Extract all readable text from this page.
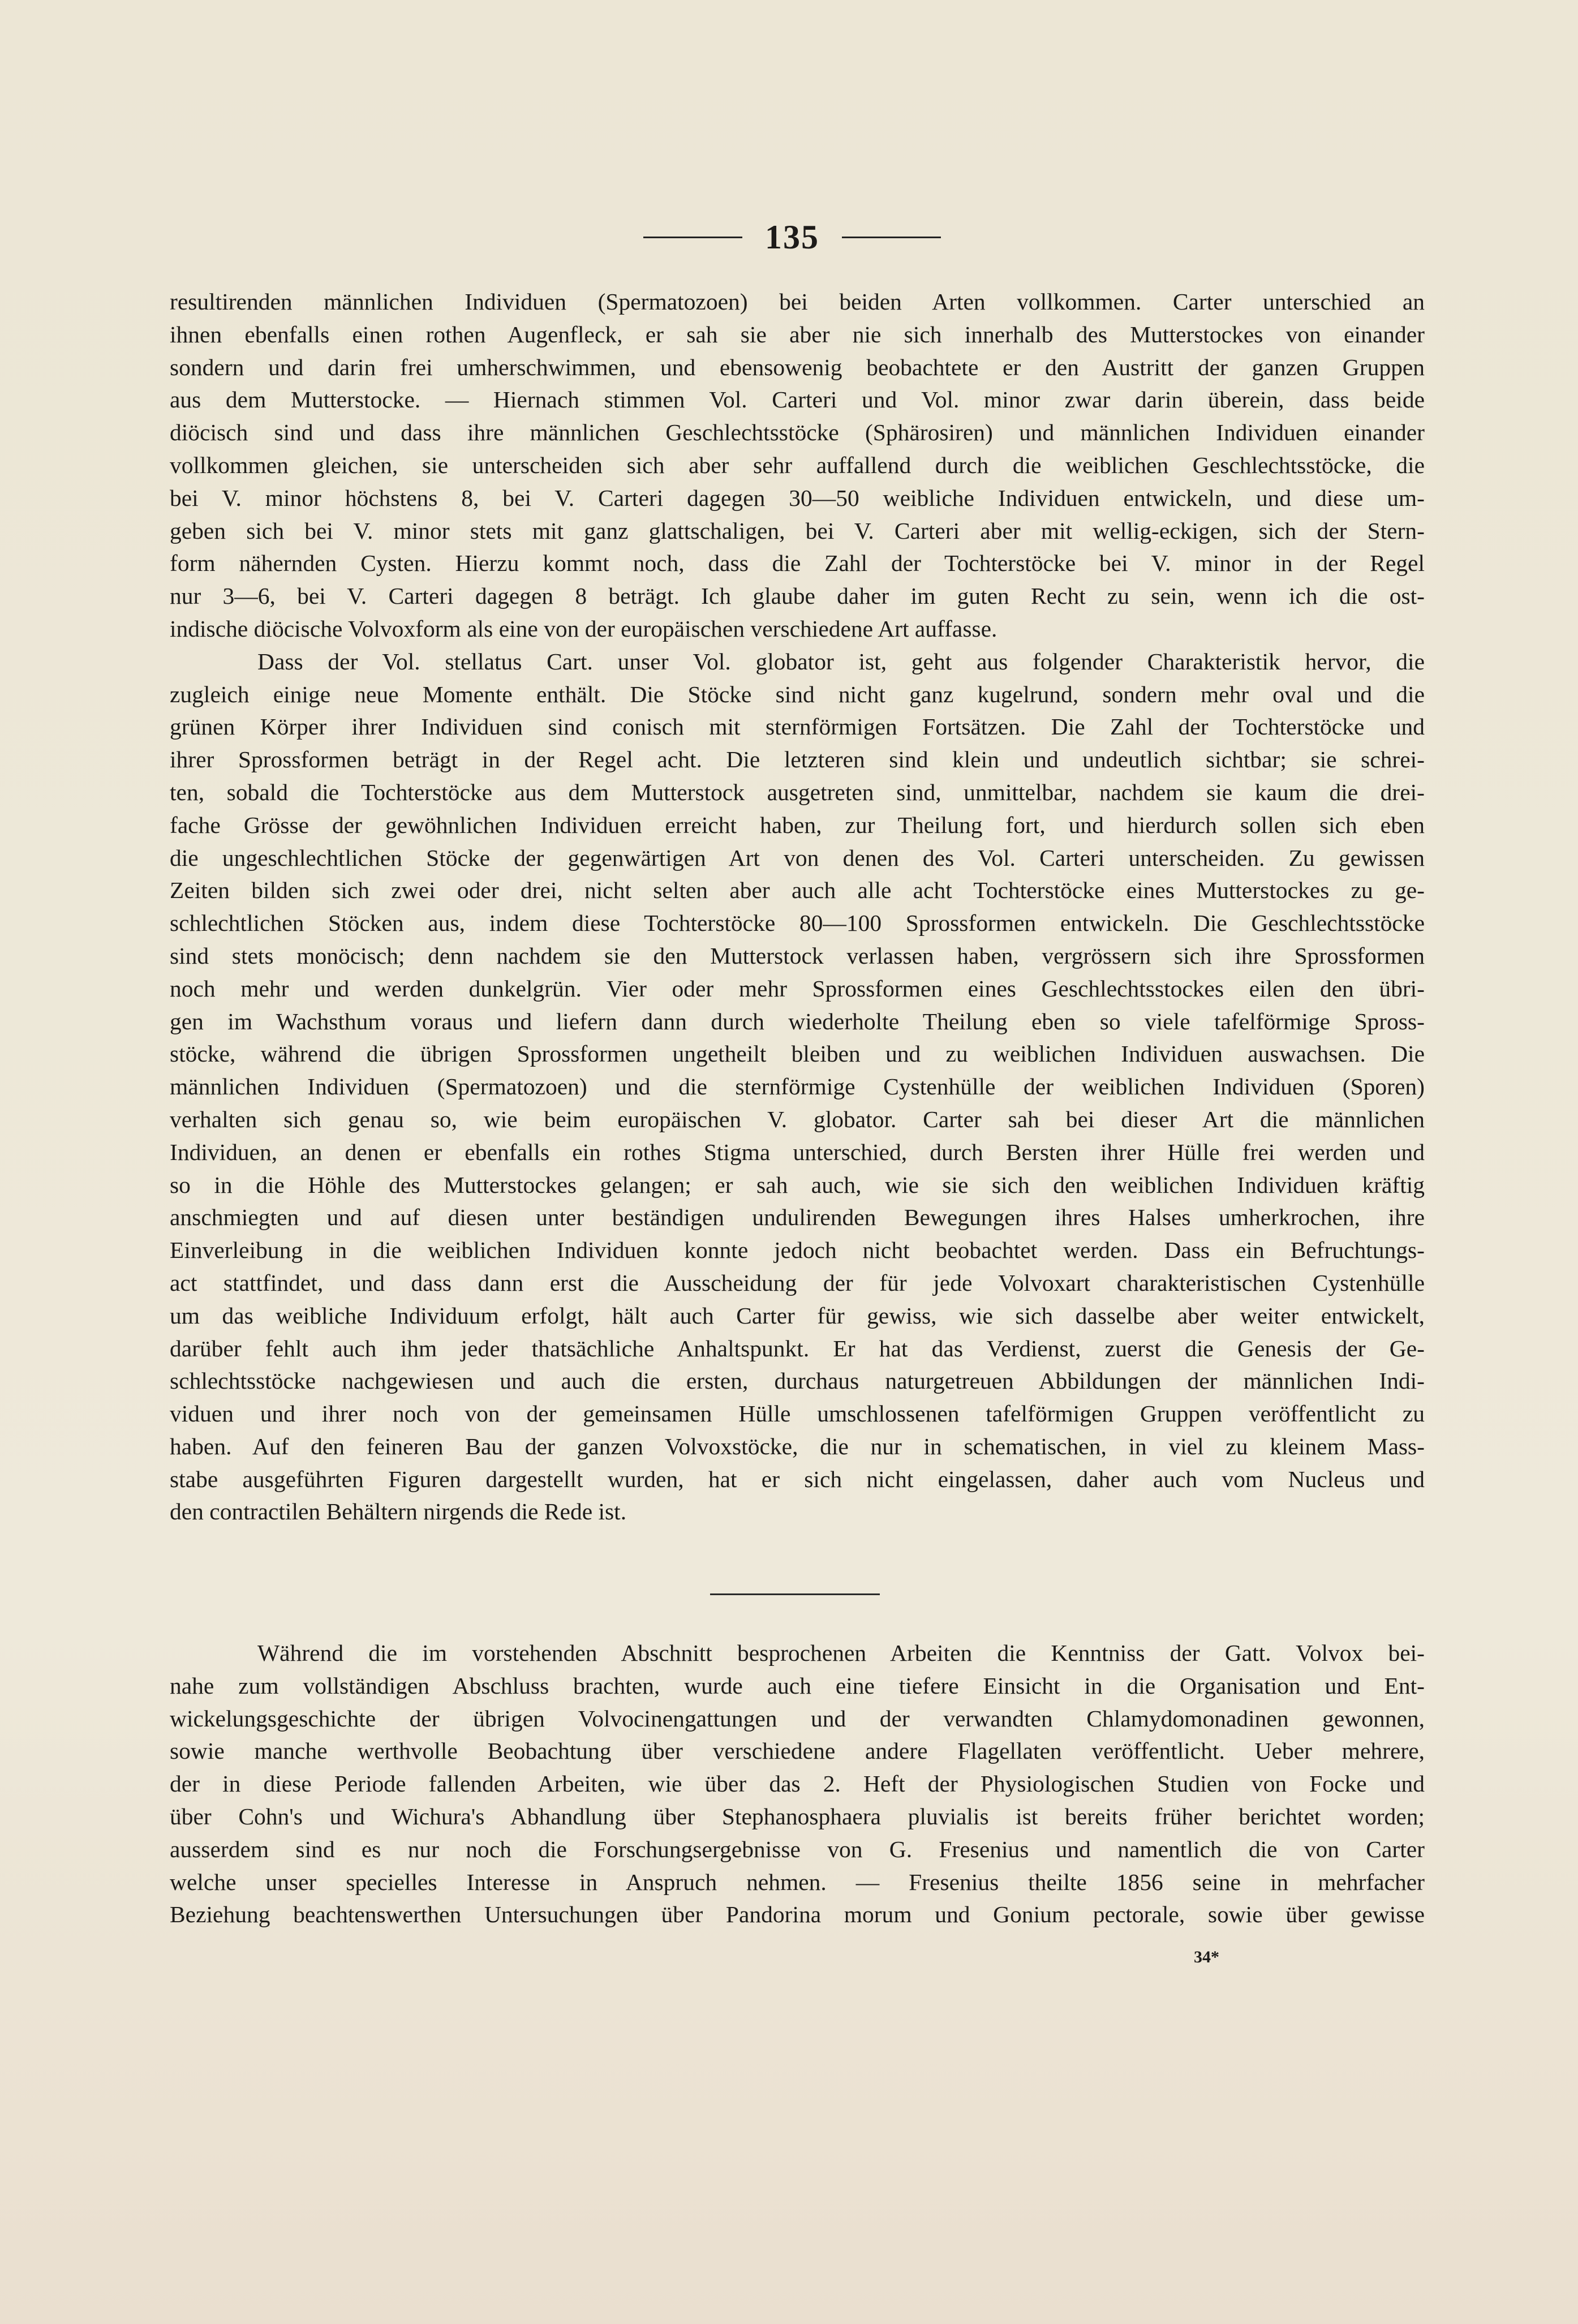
135
resultirenden männlichen Individuen (Spermatozoen) bei beiden Arten vollkommen. Carter unterschied an
ihnen ebenfalls einen rothen Augenfleck, er sah sie aber nie sich innerhalb des Mutterstockes von einander
sondern und darin frei umherschwimmen, und ebensowenig beobachtete er den Austritt der ganzen Gruppen
aus dem Mutterstocke. — Hiernach stimmen Vol. Carteri und Vol. minor zwar darin überein, dass beide
diöcisch sind und dass ihre männlichen Geschlechtsstöcke (Sphärosiren) und männlichen Individuen einander
vollkommen gleichen, sie unterscheiden sich aber sehr auffallend durch die weiblichen Geschlechtsstöcke, die
bei V. minor höchstens 8, bei V. Carteri dagegen 30—50 weibliche Individuen entwickeln, und diese um-
geben sich bei V. minor stets mit ganz glattschaligen, bei V. Carteri aber mit wellig-eckigen, sich der Stern-
form nähernden Cysten. Hierzu kommt noch, dass die Zahl der Tochterstöcke bei V. minor in der Regel
nur 3—6, bei V. Carteri dagegen 8 beträgt. Ich glaube daher im guten Recht zu sein, wenn ich die ost-
indische diöcische Volvoxform als eine von der europäischen verschiedene Art auffasse.
Dass der Vol. stellatus Cart. unser Vol. globator ist, geht aus folgender Charakteristik hervor, die
zugleich einige neue Momente enthält. Die Stöcke sind nicht ganz kugelrund, sondern mehr oval und die
grünen Körper ihrer Individuen sind conisch mit sternförmigen Fortsätzen. Die Zahl der Tochterstöcke und
ihrer Sprossformen beträgt in der Regel acht. Die letzteren sind klein und undeutlich sichtbar; sie schrei-
ten, sobald die Tochterstöcke aus dem Mutterstock ausgetreten sind, unmittelbar, nachdem sie kaum die drei-
fache Grösse der gewöhnlichen Individuen erreicht haben, zur Theilung fort, und hierdurch sollen sich eben
die ungeschlechtlichen Stöcke der gegenwärtigen Art von denen des Vol. Carteri unterscheiden. Zu gewissen
Zeiten bilden sich zwei oder drei, nicht selten aber auch alle acht Tochterstöcke eines Mutterstockes zu ge-
schlechtlichen Stöcken aus, indem diese Tochterstöcke 80—100 Sprossformen entwickeln. Die Geschlechtsstöcke
sind stets monöcisch; denn nachdem sie den Mutterstock verlassen haben, vergrössern sich ihre Sprossformen
noch mehr und werden dunkelgrün. Vier oder mehr Sprossformen eines Geschlechtsstockes eilen den übri-
gen im Wachsthum voraus und liefern dann durch wiederholte Theilung eben so viele tafelförmige Spross-
stöcke, während die übrigen Sprossformen ungetheilt bleiben und zu weiblichen Individuen auswachsen. Die
männlichen Individuen (Spermatozoen) und die sternförmige Cystenhülle der weiblichen Individuen (Sporen)
verhalten sich genau so, wie beim europäischen V. globator. Carter sah bei dieser Art die männlichen
Individuen, an denen er ebenfalls ein rothes Stigma unterschied, durch Bersten ihrer Hülle frei werden und
so in die Höhle des Mutterstockes gelangen; er sah auch, wie sie sich den weiblichen Individuen kräftig
anschmiegten und auf diesen unter beständigen undulirenden Bewegungen ihres Halses umherkrochen, ihre
Einverleibung in die weiblichen Individuen konnte jedoch nicht beobachtet werden. Dass ein Befruchtungs-
act stattfindet, und dass dann erst die Ausscheidung der für jede Volvoxart charakteristischen Cystenhülle
um das weibliche Individuum erfolgt, hält auch Carter für gewiss, wie sich dasselbe aber weiter entwickelt,
darüber fehlt auch ihm jeder thatsächliche Anhaltspunkt. Er hat das Verdienst, zuerst die Genesis der Ge-
schlechtsstöcke nachgewiesen und auch die ersten, durchaus naturgetreuen Abbildungen der männlichen Indi-
viduen und ihrer noch von der gemeinsamen Hülle umschlossenen tafelförmigen Gruppen veröffentlicht zu
haben. Auf den feineren Bau der ganzen Volvoxstöcke, die nur in schematischen, in viel zu kleinem Mass-
stabe ausgeführten Figuren dargestellt wurden, hat er sich nicht eingelassen, daher auch vom Nucleus und
den contractilen Behältern nirgends die Rede ist.
Während die im vorstehenden Abschnitt besprochenen Arbeiten die Kenntniss der Gatt. Volvox bei-
nahe zum vollständigen Abschluss brachten, wurde auch eine tiefere Einsicht in die Organisation und Ent-
wickelungsgeschichte der übrigen Volvocinengattungen und der verwandten Chlamydomonadinen gewonnen,
sowie manche werthvolle Beobachtung über verschiedene andere Flagellaten veröffentlicht. Ueber mehrere,
der in diese Periode fallenden Arbeiten, wie über das 2. Heft der Physiologischen Studien von Focke und
über Cohn's und Wichura's Abhandlung über Stephanosphaera pluvialis ist bereits früher berichtet worden;
ausserdem sind es nur noch die Forschungsergebnisse von G. Fresenius und namentlich die von Carter
welche unser specielles Interesse in Anspruch nehmen. — Fresenius theilte 1856 seine in mehrfacher
Beziehung beachtenswerthen Untersuchungen über Pandorina morum und Gonium pectorale, sowie über gewisse
34*
